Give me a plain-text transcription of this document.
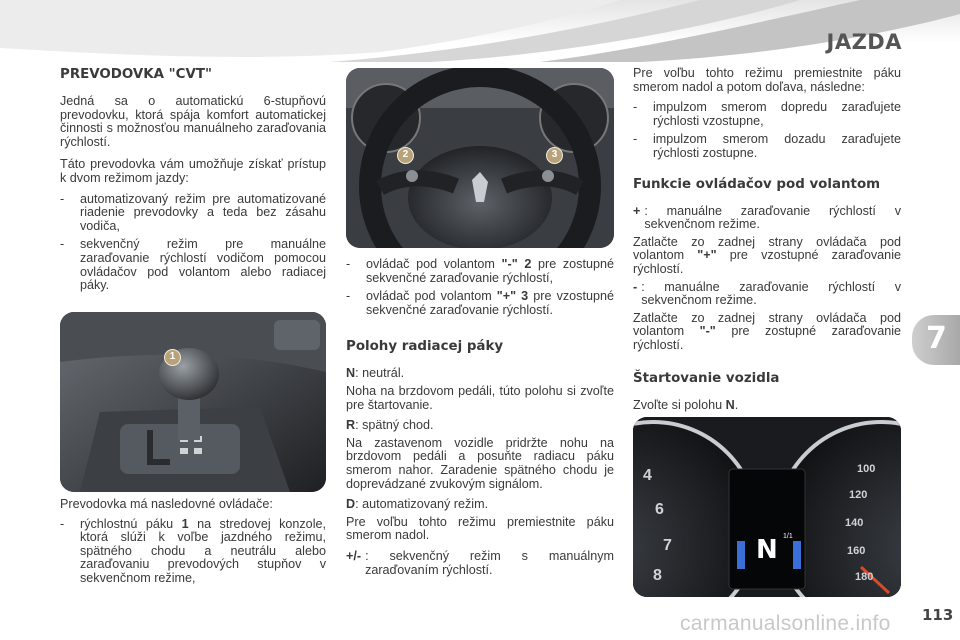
JAZDA
7
PREVODOVKA "CVT"

Jedná sa o automatickú 6-stupňovú prevodovku, ktorá spája komfort automatickej činnosti s možnosťou manuálneho zaraďovania rýchlostí.

Táto prevodovka vám umožňuje získať prístup k dvom režimom jazdy:

- automatizovaný režim pre automatizované riadenie prevodovky a teda bez zásahu vodiča,
- sekvenčný režim pre manuálne zaraďovanie rýchlostí vodičom pomocou ovládačov pod volantom alebo radiacej páky.
1

Prevodovka má nasledovné ovládače:

- rýchlostnú páku 1 na stredovej konzole, ktorá slúži k voľbe jazdného režimu, spätného chodu a neutrálu alebo zaraďovaniu prevodových stupňov v sekvenčnom režime,
2	3
- ovládač pod volantom "-" 2 pre zostupné sekvenčné zaraďovanie rýchlostí,
- ovládač pod volantom "+" 3 pre vzostupné sekvenčné zaraďovanie rýchlostí.
Polohy radiacej páky

N: neutrál.

Noha na brzdovom pedáli, túto polohu si zvoľte pre štartovanie.

R: spätný chod.

Na zastavenom vozidle pridržte nohu na brzdovom pedáli a posuňte radiacu páku smerom nahor. Zaradenie spätného chodu je doprevádzané zvukovým signálom.

D: automatizovaný režim.

Pre voľbu tohto režimu premiestnite páku smerom nadol.

+/- : sekvenčný režim s manuálnym zaraďovaním rýchlostí.

Pre voľbu tohto režimu premiestnite páku smerom nadol a potom doľava, následne:

- impulzom smerom dopredu zaraďujete rýchlosti vzostupne,
- impulzom smerom dozadu zaraďujete rýchlosti zostupne.
Funkcie ovládačov pod volantom

+ : manuálne zaraďovanie rýchlostí v sekvenčnom režime.

Zatlačte zo zadnej strany ovládača pod volantom "+" pre vzostupné zaraďovanie rýchlostí.

- : manuálne zaraďovanie rýchlostí v sekvenčnom režime.

Zatlačte zo zadnej strany ovládača pod volantom "-" pre zostupné zaraďovanie rýchlostí.

Štartovanie vozidla

Zvoľte si polohu N.

4
6
7
8
100
120
140
160
180
N 1/1
carmanualsonline.info 113
